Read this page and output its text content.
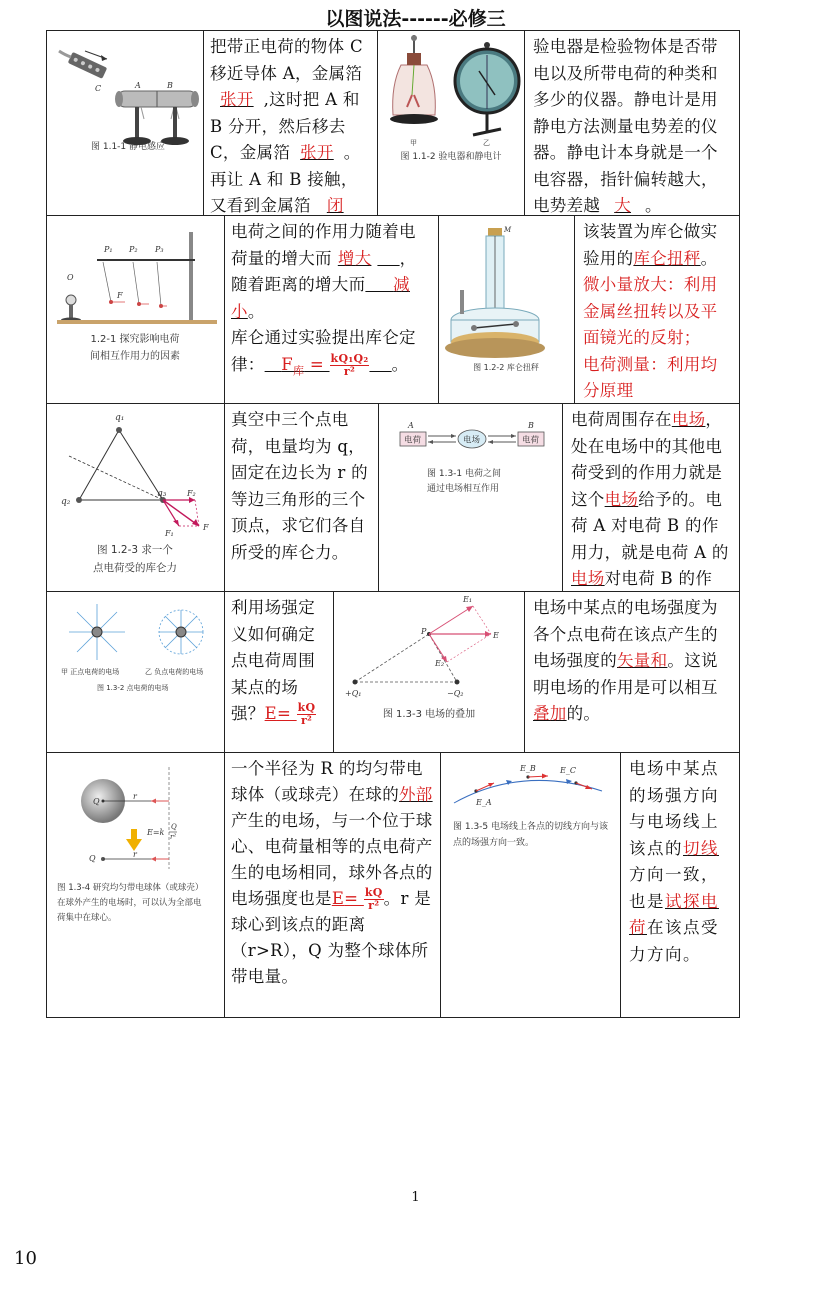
以图说法------必修三
C	A	B
图 1.1-1 静电感应
把带正电荷的物体 C 移近导体 A，金属箔张开 ,这时把 A 和 B 分开，然后移去 C，金属箔 张开 。再让 A 和 B 接触，又看到金属箔 闭
甲	乙
图 1.1-2 验电器和静电计
验电器是检验物体是否带电以及所带电荷的种类和多少的仪器。静电计是用静电方法测量电势差的仪器。静电计本身就是一个电容器，指针偏转越大，电势差越 大 。
P₁ P₂ P₃
O
F
1.2-1 探究影响电荷
间相互作用力的因素
电荷之间的作用力随着电荷量的增大而 增大 ，随着距离的增大而 减小。
库仑通过实验提出库仑定律： $F_库 = \frac{\text{kQ₁Q₂}}{\text{r²}}$ 。
M
图 1.2-2 库仑扭秤
该装置为库仑做实验用的库仑扭秤。
微小量放大：利用金属丝扭转以及平面镜光的反射；
电荷测量：利用均分原理
q₁
q₂
q₃	F₂
F₁
F
图 1.2-3 求一个
点电荷受的库仑力
真空中三个点电荷，电量均为 q，固定在边长为 r 的等边三角形的三个顶点，求它们各自所受的库仑力。
A	B
电荷	电荷
电场
图 1.3-1 电荷之间
通过电场相互作用
电荷周围存在电场，处在电场中的其他电荷受到的作用力就是这个电场给予的。电荷 A 对电荷 B 的作用力，就是电荷 A 的电场对电荷 B 的作
甲 正点电荷的电场	乙 负点电荷的电场
图 1.3-2 点电荷的电场
利用场强定义如何确定点电荷周围某点的场强？$E= \frac{kQ}{\text{r²}}$
E₁
E₂
E
P
+Q₁	−Q₂
图 1.3-3 电场的叠加
电场中某点的电场强度为各个点电荷在该点产生的电场强度的矢量和。这说明电场的作用是可以相互叠加的。
Q
r
E=k
Q
r²
Q	r
图 1.3-4 研究均匀带电球体（或球壳）在球外产生的电场时，可以认为全部电荷集中在球心。
一个半径为 R 的均匀带电球体（或球壳）在球的外部产生的电场，与一个位于球心、电荷量相等的点电荷产生的电场相同，球外各点的电场强度也是$E= \frac{kQ}{\text{r²}}$ 。r 是球心到该点的距离（r>R），Q 为整个球体所带电量。
E_A
E_B	E_C
图 1.3-5 电场线上各点的切线方向与该点的场强方向一致。
电场中某点的场强方向与电场线上该点的切线方向一致，也是试探电荷在该点受力方向。
1
10
